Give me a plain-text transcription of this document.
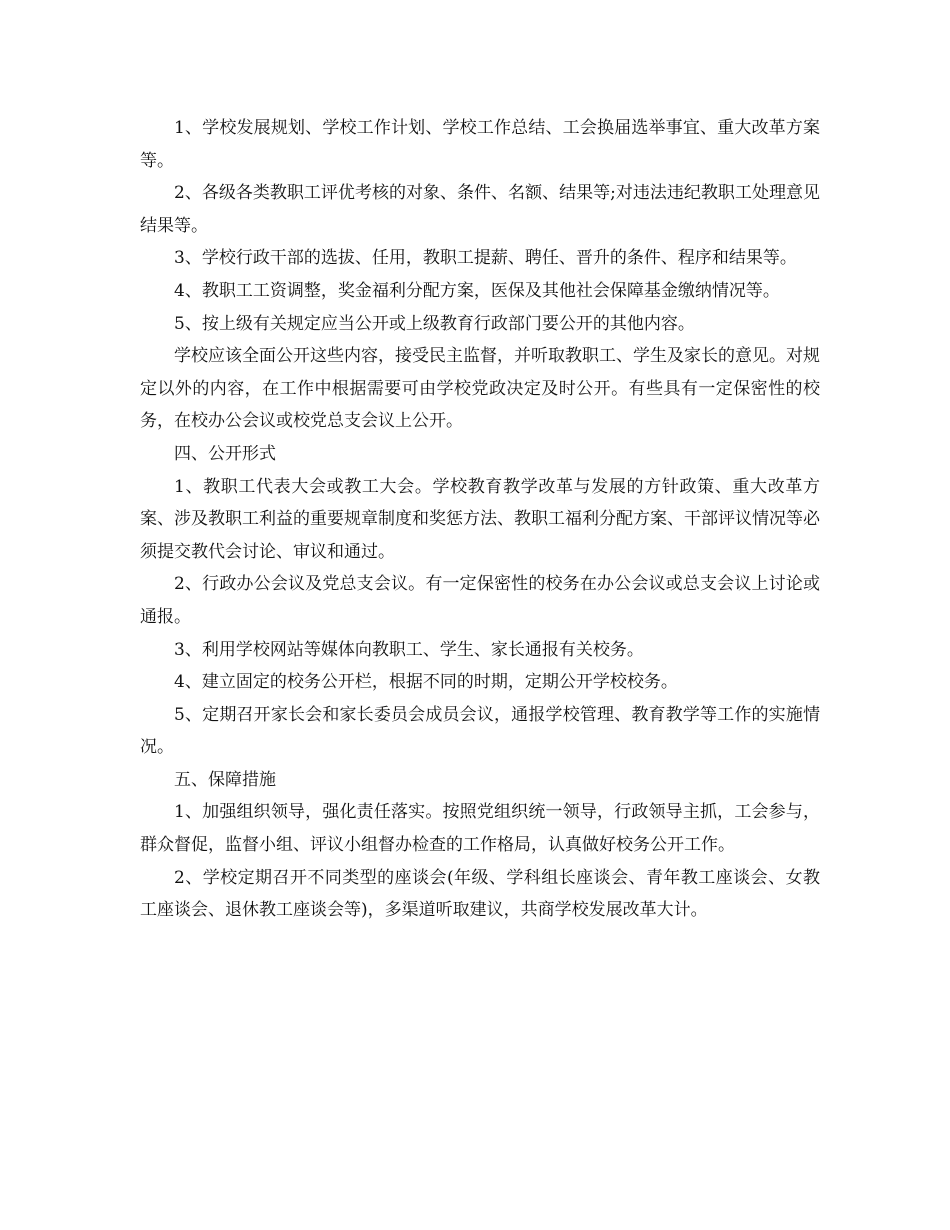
1、学校发展规划、学校工作计划、学校工作总结、工会换届选举事宜、重大改革方案等。

2、各级各类教职工评优考核的对象、条件、名额、结果等;对违法违纪教职工处理意见结果等。

3、学校行政干部的选拔、任用，教职工提薪、聘任、晋升的条件、程序和结果等。

4、教职工工资调整，奖金福利分配方案，医保及其他社会保障基金缴纳情况等。

5、按上级有关规定应当公开或上级教育行政部门要公开的其他内容。

学校应该全面公开这些内容，接受民主监督，并听取教职工、学生及家长的意见。对规定以外的内容，在工作中根据需要可由学校党政决定及时公开。有些具有一定保密性的校务，在校办公会议或校党总支会议上公开。

四、公开形式

1、教职工代表大会或教工大会。学校教育教学改革与发展的方针政策、重大改革方案、涉及教职工利益的重要规章制度和奖惩方法、教职工福利分配方案、干部评议情况等必须提交教代会讨论、审议和通过。

2、行政办公会议及党总支会议。有一定保密性的校务在办公会议或总支会议上讨论或通报。

3、利用学校网站等媒体向教职工、学生、家长通报有关校务。

4、建立固定的校务公开栏，根据不同的时期，定期公开学校校务。

5、定期召开家长会和家长委员会成员会议，通报学校管理、教育教学等工作的实施情况。

五、保障措施

1、加强组织领导，强化责任落实。按照党组织统一领导，行政领导主抓，工会参与，群众督促，监督小组、评议小组督办检查的工作格局，认真做好校务公开工作。

2、学校定期召开不同类型的座谈会(年级、学科组长座谈会、青年教工座谈会、女教工座谈会、退休教工座谈会等)，多渠道听取建议，共商学校发展改革大计。
